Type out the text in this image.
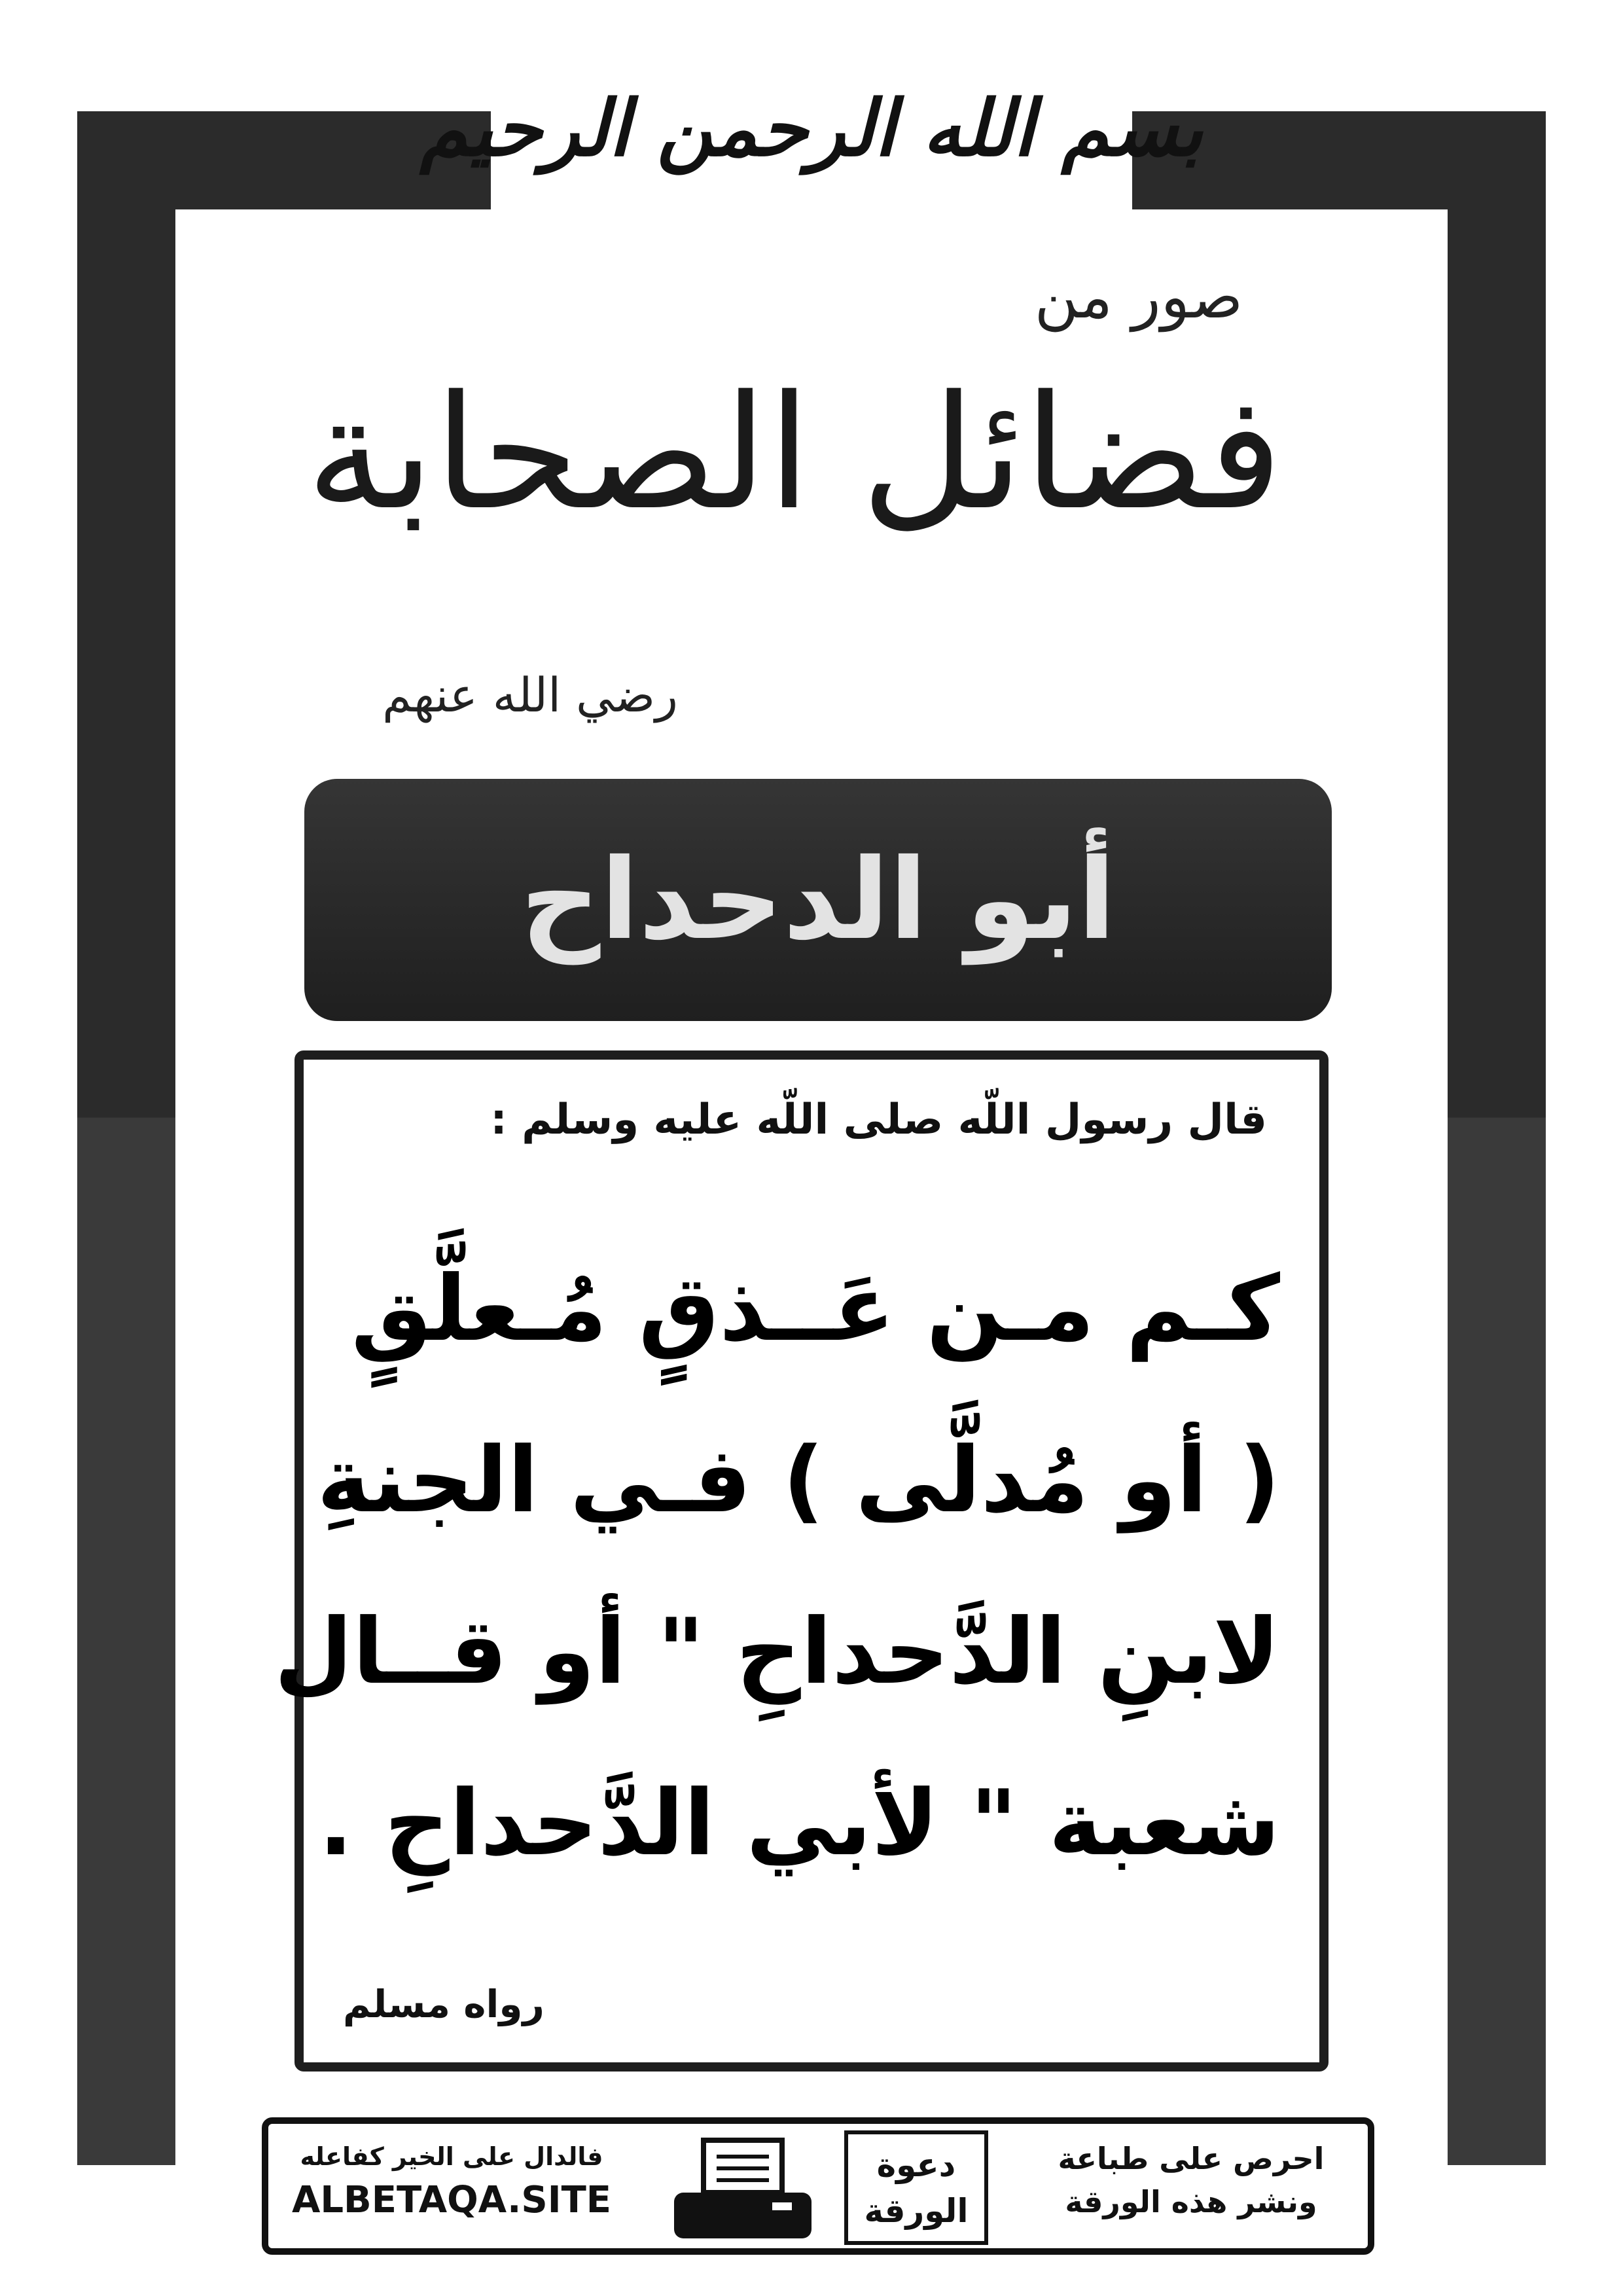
بسم الله الرحمن الرحيم
صور من
فضائل الصحابة
رضي الله عنهم
أبو الدحداح
قال رسول اللّه صلى اللّه عليه وسلم :
كـم مـن عَــذقٍ مُـعلَّقٍ
( أو مُدلَّى ) فـي الجنةِ
لابنِ الدَّحداحِ " أو قــال
شعبة " لأبي الدَّحداحِ .
رواه مسلم
فالدال على الخير كفاعله
ALBETAQA.SITE
دعوة
الورقة
احرص على طباعة
ونشر هذه الورقة
